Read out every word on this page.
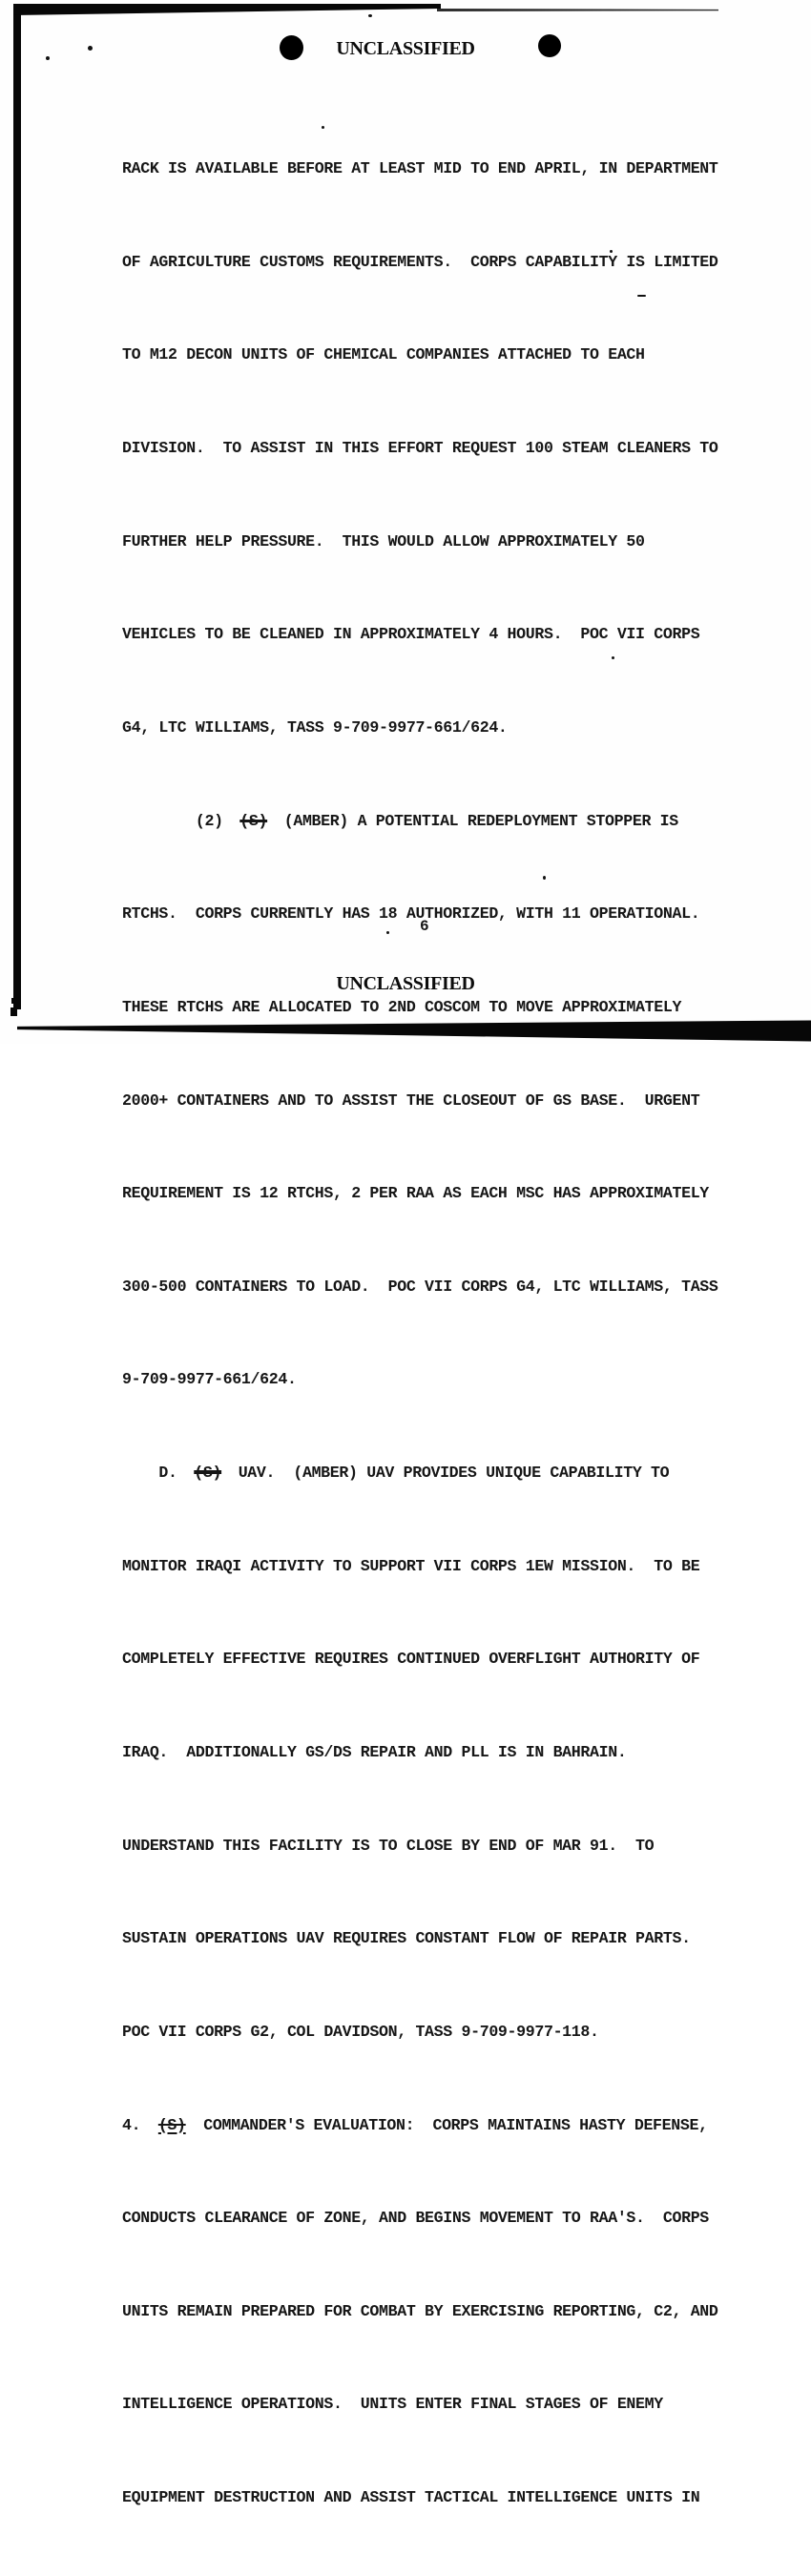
UNCLASSIFIED

RACK IS AVAILABLE BEFORE AT LEAST MID TO END APRIL, IN DEPARTMENT

OF AGRICULTURE CUSTOMS REQUIREMENTS.  CORPS CAPABILITY IS LIMITED

TO M12 DECON UNITS OF CHEMICAL COMPANIES ATTACHED TO EACH

DIVISION.  TO ASSIST IN THIS EFFORT REQUEST 100 STEAM CLEANERS TO

FURTHER HELP PRESSURE.  THIS WOULD ALLOW APPROXIMATELY 50

VEHICLES TO BE CLEANED IN APPROXIMATELY 4 HOURS.  POC VII CORPS

G4, LTC WILLIAMS, TASS 9-709-9977-661/624.

(2) (S) (AMBER) A POTENTIAL REDEPLOYMENT STOPPER IS

RTCHS.  CORPS CURRENTLY HAS 18 AUTHORIZED, WITH 11 OPERATIONAL.

THESE RTCHS ARE ALLOCATED TO 2ND COSCOM TO MOVE APPROXIMATELY

2000+ CONTAINERS AND TO ASSIST THE CLOSEOUT OF GS BASE.  URGENT

REQUIREMENT IS 12 RTCHS, 2 PER RAA AS EACH MSC HAS APPROXIMATELY

300-500 CONTAINERS TO LOAD.  POC VII CORPS G4, LTC WILLIAMS, TASS

9-709-9977-661/624.

D. (S) UAV.  (AMBER) UAV PROVIDES UNIQUE CAPABILITY TO

MONITOR IRAQI ACTIVITY TO SUPPORT VII CORPS 1EW MISSION.  TO BE

COMPLETELY EFFECTIVE REQUIRES CONTINUED OVERFLIGHT AUTHORITY OF

IRAQ.  ADDITIONALLY GS/DS REPAIR AND PLL IS IN BAHRAIN.

UNDERSTAND THIS FACILITY IS TO CLOSE BY END OF MAR 91.  TO

SUSTAIN OPERATIONS UAV REQUIRES CONSTANT FLOW OF REPAIR PARTS.

POC VII CORPS G2, COL DAVIDSON, TASS 9-709-9977-118.

4. (S) COMMANDER'S EVALUATION:  CORPS MAINTAINS HASTY DEFENSE,

CONDUCTS CLEARANCE OF ZONE, AND BEGINS MOVEMENT TO RAA'S.  CORPS

UNITS REMAIN PREPARED FOR COMBAT BY EXERCISING REPORTING, C2, AND

INTELLIGENCE OPERATIONS.  UNITS ENTER FINAL STAGES OF ENEMY

EQUIPMENT DESTRUCTION AND ASSIST TACTICAL INTELLIGENCE UNITS IN

6
UNCLASSIFIED
